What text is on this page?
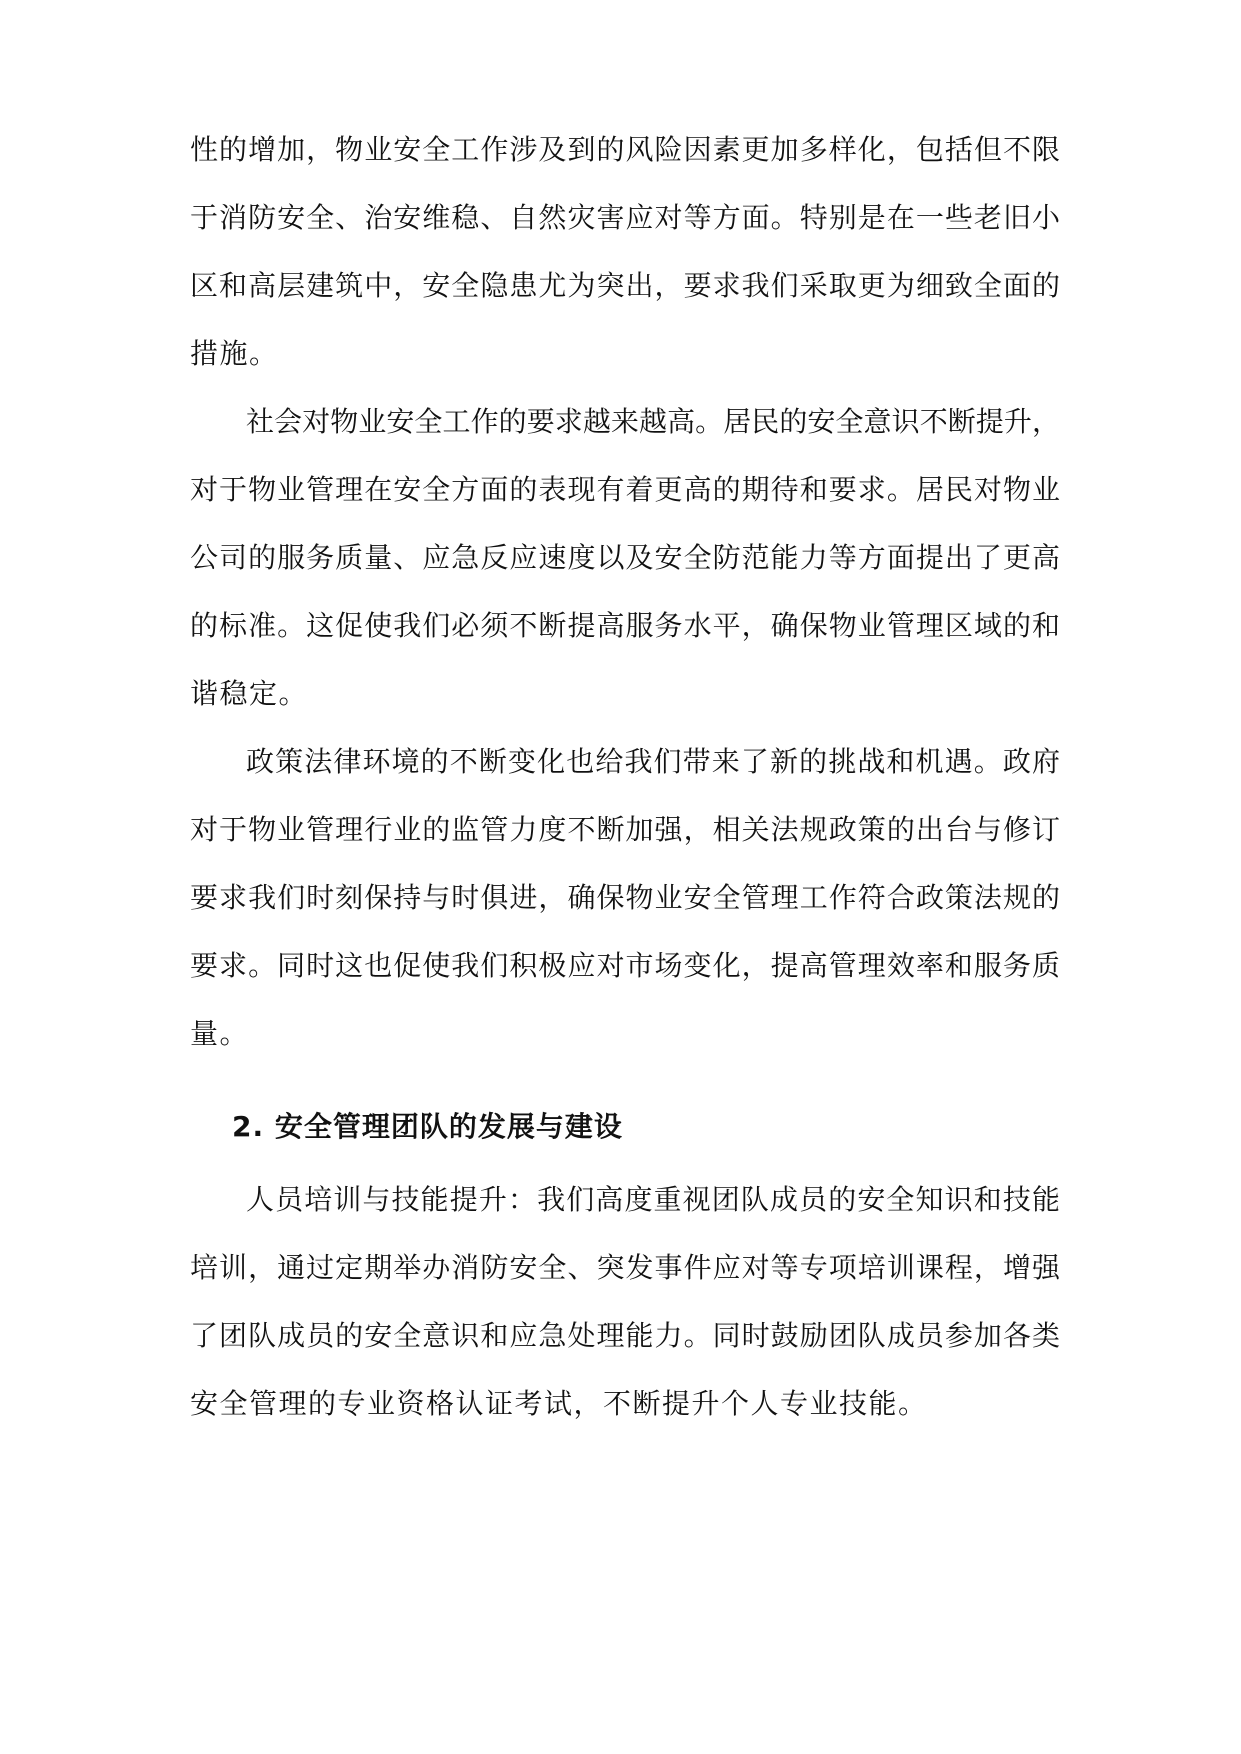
性的增加，物业安全工作涉及到的风险因素更加多样化，包括但不限
于消防安全、治安维稳、自然灾害应对等方面。特别是在一些老旧小
区和高层建筑中，安全隐患尤为突出，要求我们采取更为细致全面的
措施。
社会对物业安全工作的要求越来越高。居民的安全意识不断提升，
对于物业管理在安全方面的表现有着更高的期待和要求。居民对物业
公司的服务质量、应急反应速度以及安全防范能力等方面提出了更高
的标准。这促使我们必须不断提高服务水平，确保物业管理区域的和
谐稳定。
政策法律环境的不断变化也给我们带来了新的挑战和机遇。政府
对于物业管理行业的监管力度不断加强，相关法规政策的出台与修订
要求我们时刻保持与时俱进，确保物业安全管理工作符合政策法规的
要求。同时这也促使我们积极应对市场变化，提高管理效率和服务质
量。
2. 安全管理团队的发展与建设
人员培训与技能提升：我们高度重视团队成员的安全知识和技能
培训，通过定期举办消防安全、突发事件应对等专项培训课程，增强
了团队成员的安全意识和应急处理能力。同时鼓励团队成员参加各类
安全管理的专业资格认证考试，不断提升个人专业技能。
